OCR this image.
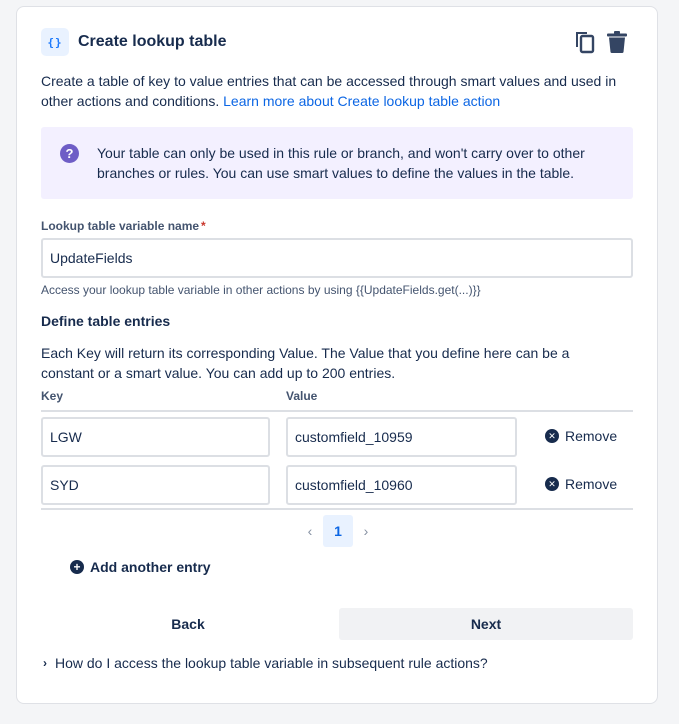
{} Create lookup table
Create a table of key to value entries that can be accessed through smart values and used in other actions and conditions. Learn more about Create lookup table action
?	Your table can only be used in this rule or branch, and won't carry over to other branches or rules. You can use smart values to define the values in the table.
Lookup table variable name *
UpdateFields
Access your lookup table variable in other actions by using {{UpdateFields.get(...)}}
Define table entries
Each Key will return its corresponding Value. The Value that you define here can be a constant or a smart value. You can add up to 200 entries.
Key	Value
LGW	customfield_10959	✕ Remove
SYD	customfield_10960	✕ Remove
‹	1	›
+ Add another entry
Back	Next
› How do I access the lookup table variable in subsequent rule actions?
